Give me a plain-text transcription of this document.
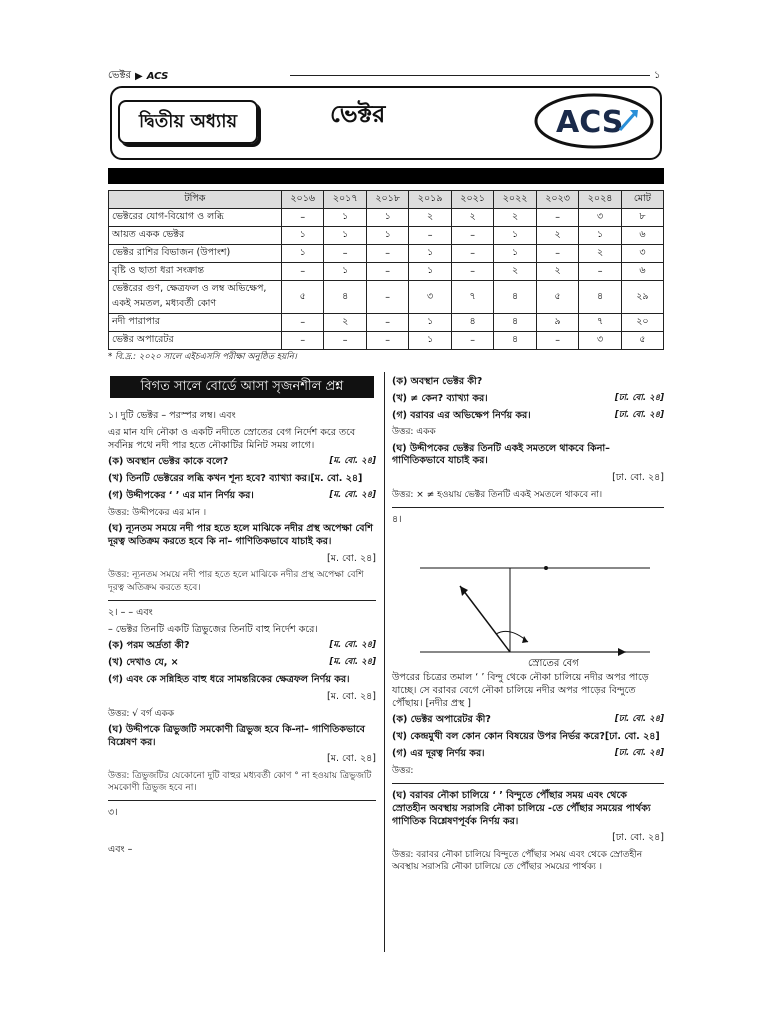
ভেক্টর ▶ ACS	১
দ্বিতীয় অধ্যায়	ভেক্টর	ACS
টপিক	২০১৬	২০১৭	২০১৮	২০১৯	২০২১	২০২২	২০২৩	২০২৪	মোট
ভেক্টরের যোগ-বিয়োগ ও লব্ধি	–	১	১	২	২	২	–	৩	৮
আয়ত একক ভেক্টর	১	১	১	–	–	১	২	১	৬
ভেক্টর রাশির বিভাজন (উপাংশ)	১	–	–	১	–	১	–	২	৩
বৃষ্টি ও ছাতা ধরা সংক্রান্ত	–	১	–	১	–	২	২	–	৬
ভেক্টরের গুণ, ক্ষেত্রফল ও লম্ব অভিক্ষেপ, একই সমতল, মধ্যবর্তী কোণ	৫	৪	–	৩	৭	৪	৫	৪	২৯
নদী পারাপার	–	২	–	১	৪	৪	৯	৭	২০
ভেক্টর অপারেটর	–	–	–	১	–	৪	–	৩	৫
* বি.দ্র.: ২০২০ সালে এইচএসসি পরীক্ষা অনুষ্ঠিত হয়নি।
বিগত সালে বোর্ডে আসা সৃজনশীল প্রশ্ন
১। দুটি ভেক্টর – পরস্পর লম্ব। এবং
এর মান যদি নৌকা ও একটি নদীতে স্রোতের বেগ নির্দেশ করে তবে সর্বনিম্ন পথে নদী পার হতে নৌকাটির মিনিট সময় লাগে।
[ম. বো. ২৪]
(ক) অবস্থান ভেক্টর কাকে বলে?
(খ) তিনটি ভেক্টরের লব্ধি কখন শূন্য হবে? ব্যাখ্যা কর।[ম. বো. ২৪]
[ম. বো. ২৪]
(গ) উদ্দীপকের ‘ ’ এর মান নির্ণয় কর।
উত্তর: উদ্দীপকের এর মান ।
(ঘ) ন্যূনতম সময়ে নদী পার হতে হলে মাঝিকে নদীর প্রস্থ অপেক্ষা বেশি দূরত্ব অতিক্রম করতে হবে কি না– গাণিতিকভাবে যাচাই কর।
[ম. বো. ২৪]
উত্তর: ন্যূনতম সময়ে নদী পার হতে হলে মাঝিকে নদীর প্রস্থ অপেক্ষা বেশি দূরত্ব অতিক্রম করতে হবে।
২। – – এবং
– ভেক্টর তিনটি একটি ত্রিভুজের তিনটি বাহু নির্দেশ করে।
[ম. বো. ২৪]
(ক) পরম অর্দ্রতা কী?
[ম. বো. ২৪]
(খ) দেখাও যে, ×
(গ) এবং কে সন্নিহিত বাহু ধরে সামন্তরিকের ক্ষেত্রফল নির্ণয় কর।
[ম. বো. ২৪]
উত্তর: √ বর্গ একক
(ঘ) উদ্দীপকে ত্রিভুজটি সমকোণী ত্রিভুজ হবে কি-না– গাণিতিকভাবে বিশ্লেষণ কর।
[ম. বো. ২৪]
উত্তর: ত্রিভুজটির যেকোনো দুটি বাহুর মধ্যবর্তী কোণ ° না হওয়ায় ত্রিভুজটি সমকোণী ত্রিভুজ হবে না।
৩।
এবং –
(ক) অবস্থান ভেক্টর কী?
[ঢা. বো. ২৪]
(খ) ≠ কেন? ব্যাখ্যা কর।
[ঢা. বো. ২৪]
(গ) বরাবর এর অভিক্ষেপ নির্ণয় কর।
উত্তর: একক
(ঘ) উদ্দীপকের ভেক্টর তিনটি একই সমতলে থাকবে কিনা– গাণিতিকভাবে যাচাই কর।
[ঢা. বো. ২৪]
উত্তর: × ≠ হওয়ায় ভেক্টর তিনটি একই সমতলে থাকবে না।
৪।
স্রোতের বেগ
উপরের চিত্রের তমাল ‘ ’ বিন্দু থেকে নৌকা চালিয়ে নদীর অপর পাড়ে যাচ্ছে। সে বরাবর বেগে নৌকা চালিয়ে নদীর অপর পাড়ের বিন্দুতে পৌঁছায়। [নদীর প্রস্থ ]
[ঢা. বো. ২৪]
(ক) ভেক্টর অপারেটর কী?
(খ) কেন্দ্রমুখী বল কোন কোন বিষয়ের উপর নির্ভর করে?[ঢা. বো. ২৪]
[ঢা. বো. ২৪]
(গ) এর দূরত্ব নির্ণয় কর।
উত্তর:
(ঘ) বরাবর নৌকা চালিয়ে ‘ ’ বিন্দুতে পৌঁছার সময় এবং থেকে স্রোতহীন অবস্থায় সরাসরি নৌকা চালিয়ে -তে পৌঁছার সময়ের পার্থক্য গাণিতিক বিশ্লেষণপূর্বক নির্ণয় কর।
[ঢা. বো. ২৪]
উত্তর: বরাবর নৌকা চালিয়ে বিন্দুতে পৌঁছার সময় এবং থেকে স্রোতহীন অবস্থায় সরাসরি নৌকা চালিয়ে তে পৌঁছার সময়ের পার্থক্য ।
